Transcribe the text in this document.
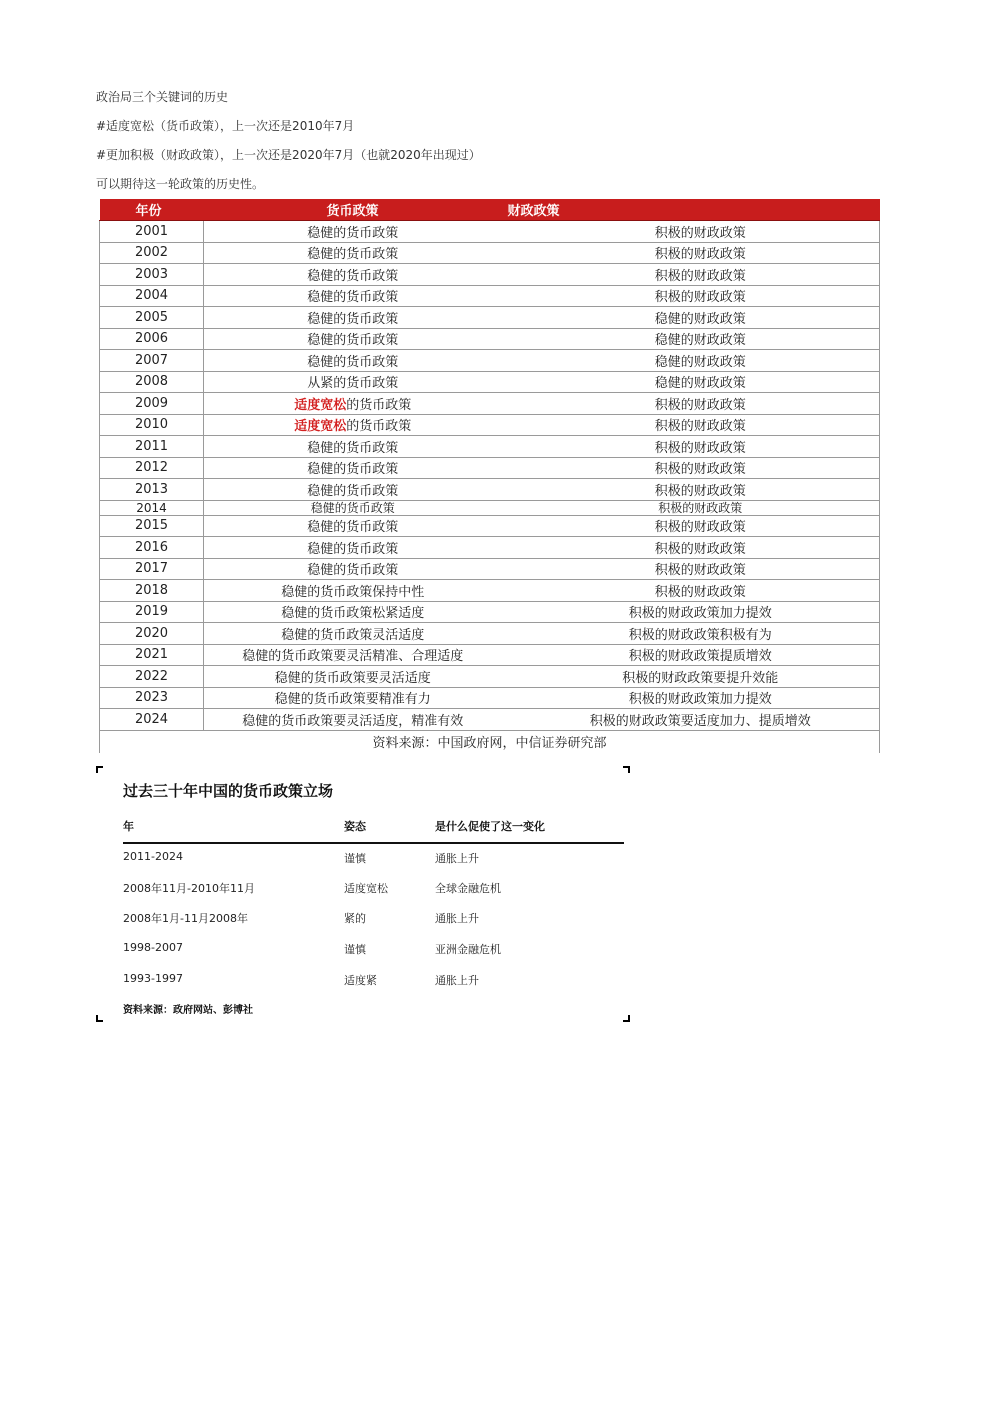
政治局三个关键词的历史
#适度宽松（货币政策），上一次还是2010年7月
#更加积极（财政政策），上一次还是2020年7月（也就2020年出现过）
可以期待这一轮政策的历史性。
年份	货币政策	财政政策
2001	稳健的货币政策	积极的财政政策
2002	稳健的货币政策	积极的财政政策
2003	稳健的货币政策	积极的财政政策
2004	稳健的货币政策	积极的财政政策
2005	稳健的货币政策	稳健的财政政策
2006	稳健的货币政策	稳健的财政政策
2007	稳健的货币政策	稳健的财政政策
2008	从紧的货币政策	稳健的财政政策
2009	适度宽松的货币政策	积极的财政政策
2010	适度宽松的货币政策	积极的财政政策
2011	稳健的货币政策	积极的财政政策
2012	稳健的货币政策	积极的财政政策
2013	稳健的货币政策	积极的财政政策
2014	稳健的货币政策	积极的财政政策
2015	稳健的货币政策	积极的财政政策
2016	稳健的货币政策	积极的财政政策
2017	稳健的货币政策	积极的财政政策
2018	稳健的货币政策保持中性	积极的财政政策
2019	稳健的货币政策松紧适度	积极的财政政策加力提效
2020	稳健的货币政策灵活适度	积极的财政政策积极有为
2021	稳健的货币政策要灵活精准、合理适度	积极的财政政策提质增效
2022	稳健的货币政策要灵活适度	积极的财政政策要提升效能
2023	稳健的货币政策要精准有力	积极的财政政策加力提效
2024	稳健的货币政策要灵活适度，精准有效	积极的财政政策要适度加力、提质增效
资料来源：中国政府网，中信证券研究部		
过去三十年中国的货币政策立场
年	姿态	是什么促使了这一变化
2011-2024	谨慎	通胀上升
2008年11月-2010年11月	适度宽松	全球金融危机
2008年1月-11月2008年	紧的	通胀上升
1998-2007	谨慎	亚洲金融危机
1993-1997	适度紧	通胀上升
资料来源：政府网站、彭博社
